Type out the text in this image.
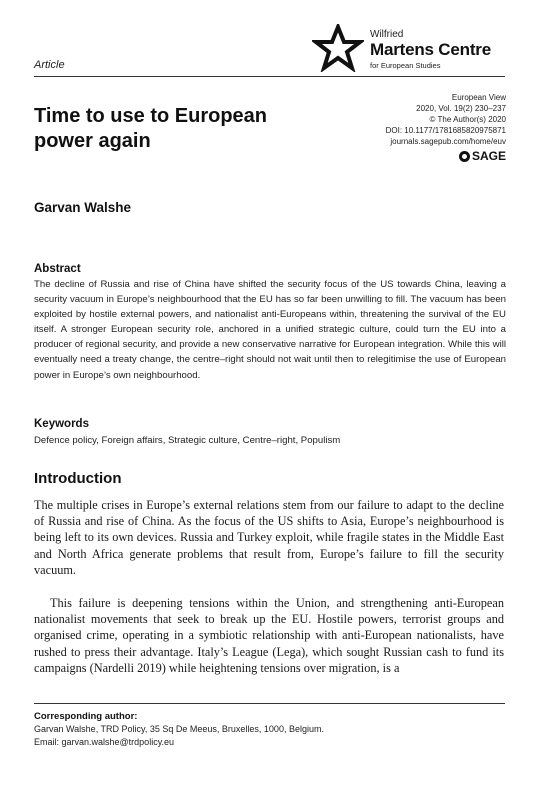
Article
Wilfried
Martens Centre
for European Studies
Time to use to European power again
European View
2020, Vol. 19(2) 230–237
© The Author(s) 2020
DOI: 10.1177/1781685820975871
journals.sagepub.com/home/euv
SAGE
Garvan Walshe
Abstract
The decline of Russia and rise of China have shifted the security focus of the US towards China, leaving a security vacuum in Europe’s neighbourhood that the EU has so far been unwilling to fill. The vacuum has been exploited by hostile external powers, and nationalist anti-Europeans within, threatening the survival of the EU itself. A stronger European security role, anchored in a unified strategic culture, could turn the EU into a producer of regional security, and provide a new conservative narrative for European integration. While this will eventually need a treaty change, the centre–right should not wait until then to relegitimise the use of European power in Europe’s own neighbourhood.
Keywords
Defence policy, Foreign affairs, Strategic culture, Centre–right, Populism
Introduction
The multiple crises in Europe’s external relations stem from our failure to adapt to the decline of Russia and rise of China. As the focus of the US shifts to Asia, Europe’s neighbourhood is being left to its own devices. Russia and Turkey exploit, while fragile states in the Middle East and North Africa generate problems that result from, Europe’s failure to fill the security vacuum.
This failure is deepening tensions within the Union, and strengthening anti-European nationalist movements that seek to break up the EU. Hostile powers, terrorist groups and organised crime, operating in a symbiotic relationship with anti-European nationalists, have rushed to press their advantage. Italy’s League (Lega), which sought Russian cash to fund its campaigns (Nardelli 2019) while heightening tensions over migration, is a
Corresponding author:
Garvan Walshe, TRD Policy, 35 Sq De Meeus, Bruxelles, 1000, Belgium.
Email: garvan.walshe@trdpolicy.eu
